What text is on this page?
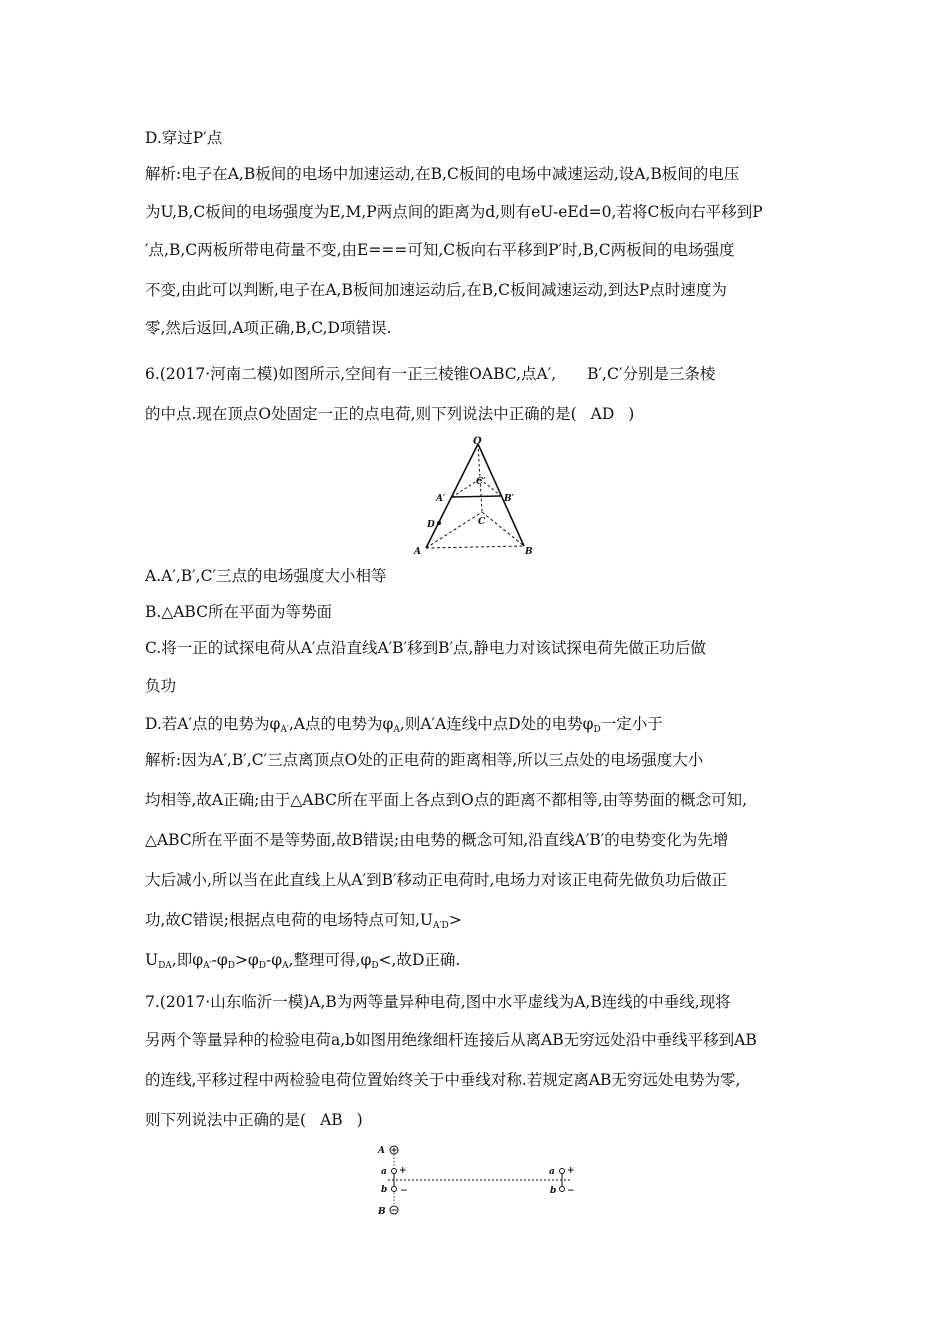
D.穿过P′点
解析:电子在A,B板间的电场中加速运动,在B,C板间的电场中减速运动,设A,B板间的电压
为U,B,C板间的电场强度为E,M,P两点间的距离为d,则有eU-eEd=0,若将C板向右平移到P
′点,B,C两板所带电荷量不变,由E===可知,C板向右平移到P′时,B,C两板间的电场强度
不变,由此可以判断,电子在A,B板间加速运动后,在B,C板间减速运动,到达P点时速度为
零,然后返回,A项正确,B,C,D项错误.
6.(2017·河南二模)如图所示,空间有一正三棱锥OABC,点A′,　　B′,C′分别是三条棱
的中点.现在顶点O处固定一正的点电荷,则下列说法中正确的是( AD )
O
C′
A′	B′
C
D
A	B
A.A′,B′,C′三点的电场强度大小相等
B.△ABC所在平面为等势面
C.将一正的试探电荷从A′点沿直线A′B′移到B′点,静电力对该试探电荷先做正功后做
负功
D.若A′点的电势为$\varphi_{A'},A$点的电势为$\varphi_A$,则A′A连线中点D处的电势$\varphi_D$一定小于
解析:因为A′,B′,C′三点离顶点O处的正电荷的距离相等,所以三点处的电场强度大小
均相等,故A正确;由于△ABC所在平面上各点到O点的距离不都相等,由等势面的概念可知,
△ABC所在平面不是等势面,故B错误;由电势的概念可知,沿直线A′B′的电势变化为先增
大后减小,所以当在此直线上从A′到B′移动正电荷时,电场力对该正电荷先做负功后做正
功,故C错误;根据点电荷的电场特点可知$,U_{A'D}>$
$U_{DA}$,即$\varphi_{A'}-\varphi_D>\varphi_D-\varphi_A$,整理可得$,\varphi_D<$,故D正确.
7.(2017·山东临沂一模)A,B为两等量异种电荷,图中水平虚线为A,B连线的中垂线,现将
另两个等量异种的检验电荷a,b如图用绝缘细杆连接后从离AB无穷远处沿中垂线平移到AB
的连线,平移过程中两检验电荷位置始终关于中垂线对称.若规定离AB无穷远处电势为零,
则下列说法中正确的是( AB )
A
B
a +
−
b
a +
−
b
